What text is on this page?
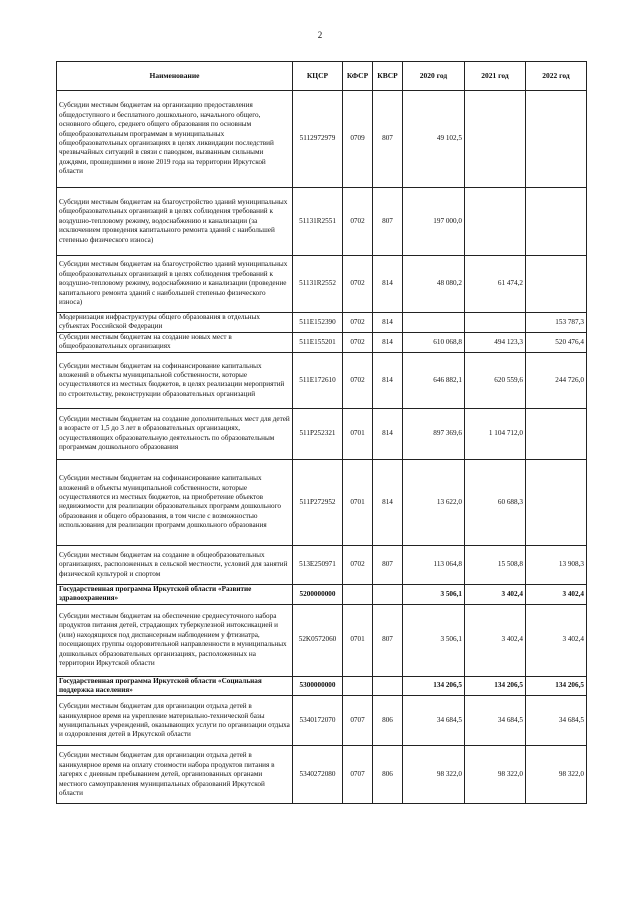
2
Наименование	КЦСР	КФСР	КВСР	2020 год	2021 год	2022 год
Субсидии местным бюджетам на организацию предоставления общедоступного и бесплатного дошкольного, начального общего, основного общего, среднего общего образования по основным общеобразовательным программам в муниципальных общеобразовательных организациях в целях ликвидации последствий чрезвычайных ситуаций в связи с паводком, вызванным сильными дождями, прошедшими в июне 2019 года на территории Иркутской области	5112972979	0709	807	49 102,5		
Субсидии местным бюджетам на благоустройство зданий муниципальных общеобразовательных организаций в целях соблюдения требований к воздушно-тепловому режиму, водоснабжению и канализации (за исключением проведения капитального ремонта зданий с наибольшей степенью физического износа)	51131R2551	0702	807	197 000,0		
Субсидии местным бюджетам на благоустройство зданий муниципальных общеобразовательных организаций в целях соблюдения требований к воздушно-тепловому режиму, водоснабжению и канализации (проведение капитального ремонта зданий с наибольшей степенью физического износа)	51131R2552	0702	814	48 080,2	61 474,2	
Модернизация инфраструктуры общего образования в отдельных субъектах Российской Федерации	511E152390	0702	814			153 787,3
Субсидии местным бюджетам на создание новых мест в общеобразовательных организациях	511E155201	0702	814	610 068,8	494 123,3	520 476,4
Субсидии местным бюджетам на софинансирование капитальных вложений в объекты муниципальной собственности, которые осуществляются из местных бюджетов, в целях реализации мероприятий по строительству, реконструкции образовательных организаций	511E172610	0702	814	646 882,1	620 559,6	244 726,0
Субсидии местным бюджетам на создание дополнительных мест для детей в возрасте от 1,5 до 3 лет в образовательных организациях, осуществляющих образовательную деятельность по образовательным программам дошкольного образования	511P252321	0701	814	897 369,6	1 104 712,0	
Субсидии местным бюджетам на софинансирование капитальных вложений в объекты муниципальной собственности, которые осуществляются из местных бюджетов, на приобретение объектов недвижимости для реализации образовательных программ дошкольного образования и общего образования, в том числе с возможностью использования для реализации программ дошкольного образования	511P272952	0701	814	13 622,0	60 688,3	
Субсидии местным бюджетам на создание в общеобразовательных организациях, расположенных в сельской местности, условий для занятий физической культурой и спортом	513E250971	0702	807	113 064,8	15 508,8	13 908,3
Государственная программа Иркутской области «Развитие здравоохранения»	5200000000			3 506,1	3 402,4	3 402,4
Субсидии местным бюджетам на обеспечение среднесуточного набора продуктов питания детей, страдающих туберкулезной интоксикацией и (или) находящихся под диспансерным наблюдением у фтизиатра, посещающих группы оздоровительной направленности в муниципальных дошкольных образовательных организациях, расположенных на территории Иркутской области	52K0572060	0701	807	3 506,1	3 402,4	3 402,4
Государственная программа Иркутской области «Социальная поддержка населения»	5300000000			134 206,5	134 206,5	134 206,5
Субсидии местным бюджетам для организации отдыха детей в каникулярное время на укрепление материально-технической базы муниципальных учреждений, оказывающих услуги по организации отдыха и оздоровления детей в Иркутской области	5340172070	0707	806	34 684,5	34 684,5	34 684,5
Субсидии местным бюджетам для организации отдыха детей в каникулярное время на оплату стоимости набора продуктов питания в лагерях с дневным пребыванием детей, организованных органами местного самоуправления муниципальных образований Иркутской области	5340272080	0707	806	98 322,0	98 322,0	98 322,0
